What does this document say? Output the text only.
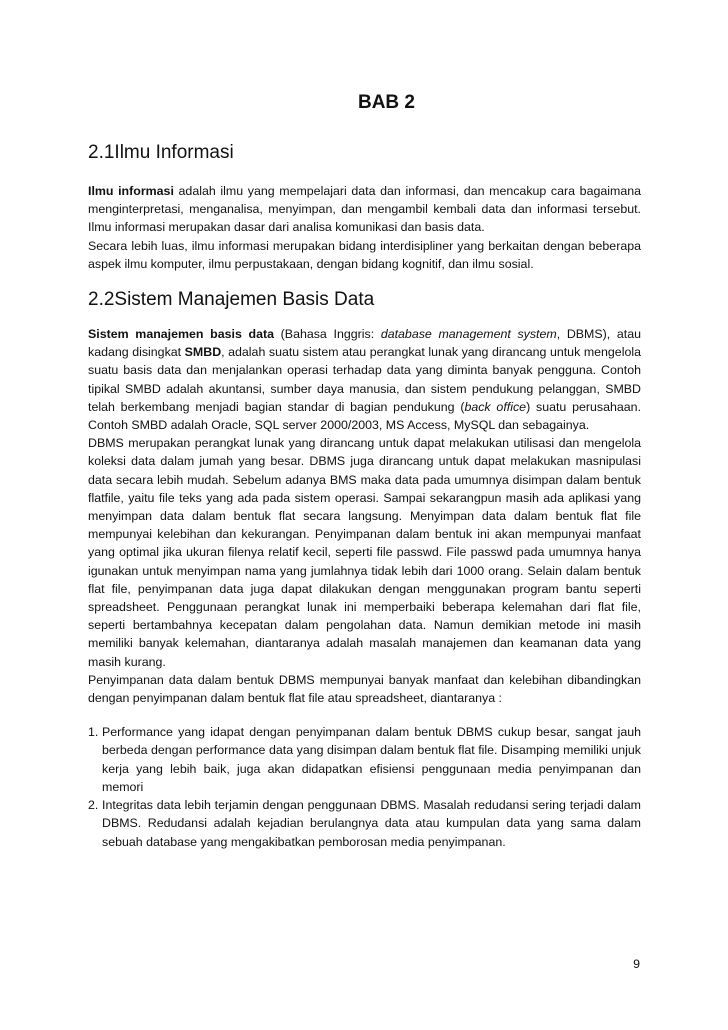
BAB 2
2.1Ilmu Informasi

Ilmu informasi adalah ilmu yang mempelajari data dan informasi, dan mencakup cara bagaimana menginterpretasi, menganalisa, menyimpan, dan mengambil kembali data dan informasi tersebut. Ilmu informasi merupakan dasar dari analisa komunikasi dan basis data.

Secara lebih luas, ilmu informasi merupakan bidang interdisipliner yang berkaitan dengan beberapa aspek ilmu komputer, ilmu perpustakaan, dengan bidang kognitif, dan ilmu sosial.

2.2Sistem Manajemen Basis Data

Sistem manajemen basis data (Bahasa Inggris: database management system, DBMS), atau kadang disingkat SMBD, adalah suatu sistem atau perangkat lunak yang dirancang untuk mengelola suatu basis data dan menjalankan operasi terhadap data yang diminta banyak pengguna. Contoh tipikal SMBD adalah akuntansi, sumber daya manusia, dan sistem pendukung pelanggan, SMBD telah berkembang menjadi bagian standar di bagian pendukung (back office) suatu perusahaan. Contoh SMBD adalah Oracle, SQL server 2000/2003, MS Access, MySQL dan sebagainya.

DBMS merupakan perangkat lunak yang dirancang untuk dapat melakukan utilisasi dan mengelola koleksi data dalam jumah yang besar. DBMS juga dirancang untuk dapat melakukan masnipulasi data secara lebih mudah. Sebelum adanya BMS maka data pada umumnya disimpan dalam bentuk flatfile, yaitu file teks yang ada pada sistem operasi. Sampai sekarangpun masih ada aplikasi yang menyimpan data dalam bentuk flat secara langsung. Menyimpan data dalam bentuk flat file mempunyai kelebihan dan kekurangan. Penyimpanan dalam bentuk ini akan mempunyai manfaat yang optimal jika ukuran filenya relatif kecil, seperti file passwd. File passwd pada umumnya hanya igunakan untuk menyimpan nama yang jumlahnya tidak lebih dari 1000 orang. Selain dalam bentuk flat file, penyimpanan data juga dapat dilakukan dengan menggunakan program bantu seperti spreadsheet. Penggunaan perangkat lunak ini memperbaiki beberapa kelemahan dari flat file, seperti bertambahnya kecepatan dalam pengolahan data. Namun demikian metode ini masih memiliki banyak kelemahan, diantaranya adalah masalah manajemen dan keamanan data yang masih kurang.

Penyimpanan data dalam bentuk DBMS mempunyai banyak manfaat dan kelebihan dibandingkan dengan penyimpanan dalam bentuk flat file atau spreadsheet, diantaranya :

1. Performance yang idapat dengan penyimpanan dalam bentuk DBMS cukup besar, sangat jauh berbeda dengan performance data yang disimpan dalam bentuk flat file. Disamping memiliki unjuk kerja yang lebih baik, juga akan didapatkan efisiensi penggunaan media penyimpanan dan memori
2. Integritas data lebih terjamin dengan penggunaan DBMS. Masalah redudansi sering terjadi dalam DBMS. Redudansi adalah kejadian berulangnya data atau kumpulan data yang sama dalam sebuah database yang mengakibatkan pemborosan media penyimpanan.
9
